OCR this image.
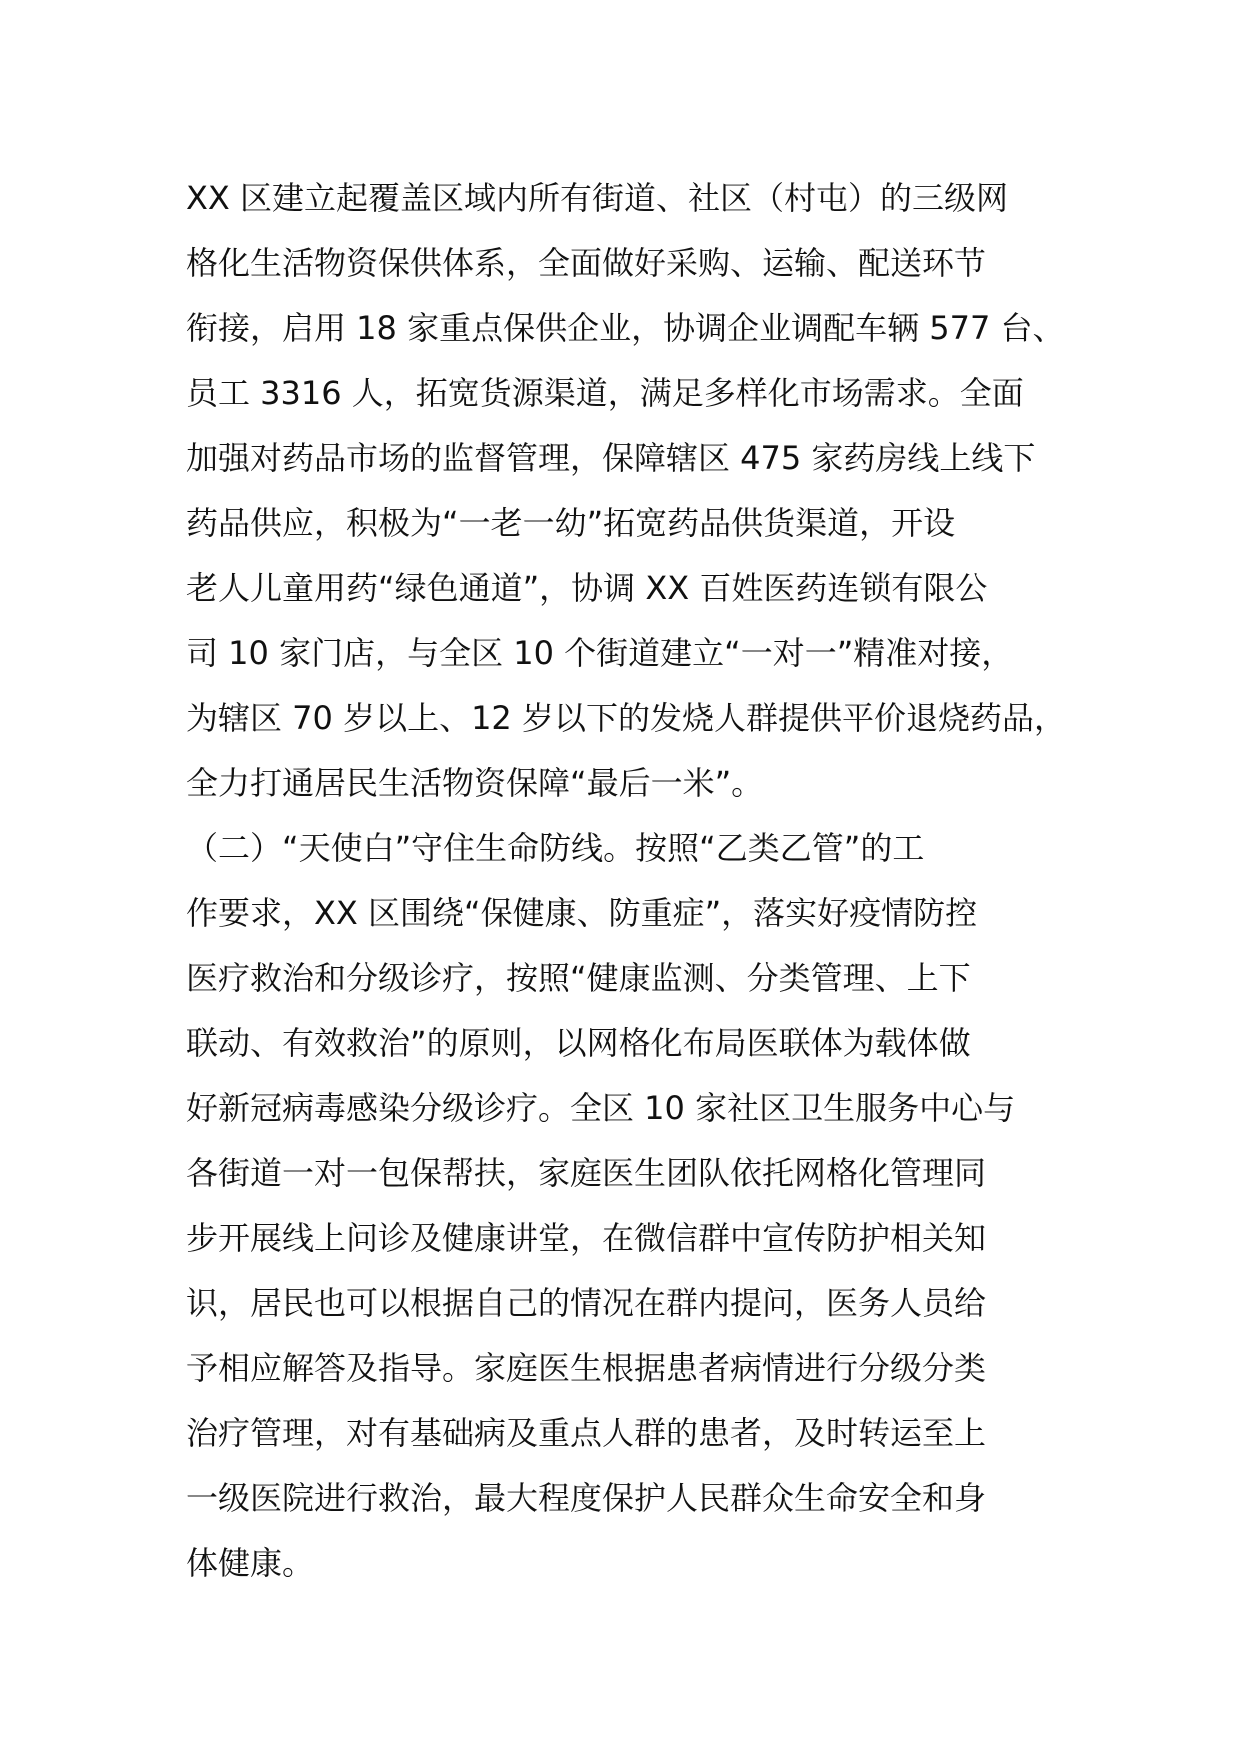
XX 区建立起覆盖区域内所有街道、社区（村屯）的三级网
格化生活物资保供体系，全面做好采购、运输、配送环节
衔接，启用 18 家重点保供企业，协调企业调配车辆 577 台、
员工 3316 人，拓宽货源渠道，满足多样化市场需求。全面
加强对药品市场的监督管理，保障辖区 475 家药房线上线下
药品供应，积极为“一老一幼”拓宽药品供货渠道，开设
老人儿童用药“绿色通道”，协调 XX 百姓医药连锁有限公
司 10 家门店，与全区 10 个街道建立“一对一”精准对接，
为辖区 70 岁以上、12 岁以下的发烧人群提供平价退烧药品，
全力打通居民生活物资保障“最后一米”。
（二）“天使白”守住生命防线。按照“乙类乙管”的工
作要求，XX 区围绕“保健康、防重症”，落实好疫情防控
医疗救治和分级诊疗，按照“健康监测、分类管理、上下
联动、有效救治”的原则，以网格化布局医联体为载体做
好新冠病毒感染分级诊疗。全区 10 家社区卫生服务中心与
各街道一对一包保帮扶，家庭医生团队依托网格化管理同
步开展线上问诊及健康讲堂，在微信群中宣传防护相关知
识，居民也可以根据自己的情况在群内提问，医务人员给
予相应解答及指导。家庭医生根据患者病情进行分级分类
治疗管理，对有基础病及重点人群的患者，及时转运至上
一级医院进行救治，最大程度保护人民群众生命安全和身
体健康。
